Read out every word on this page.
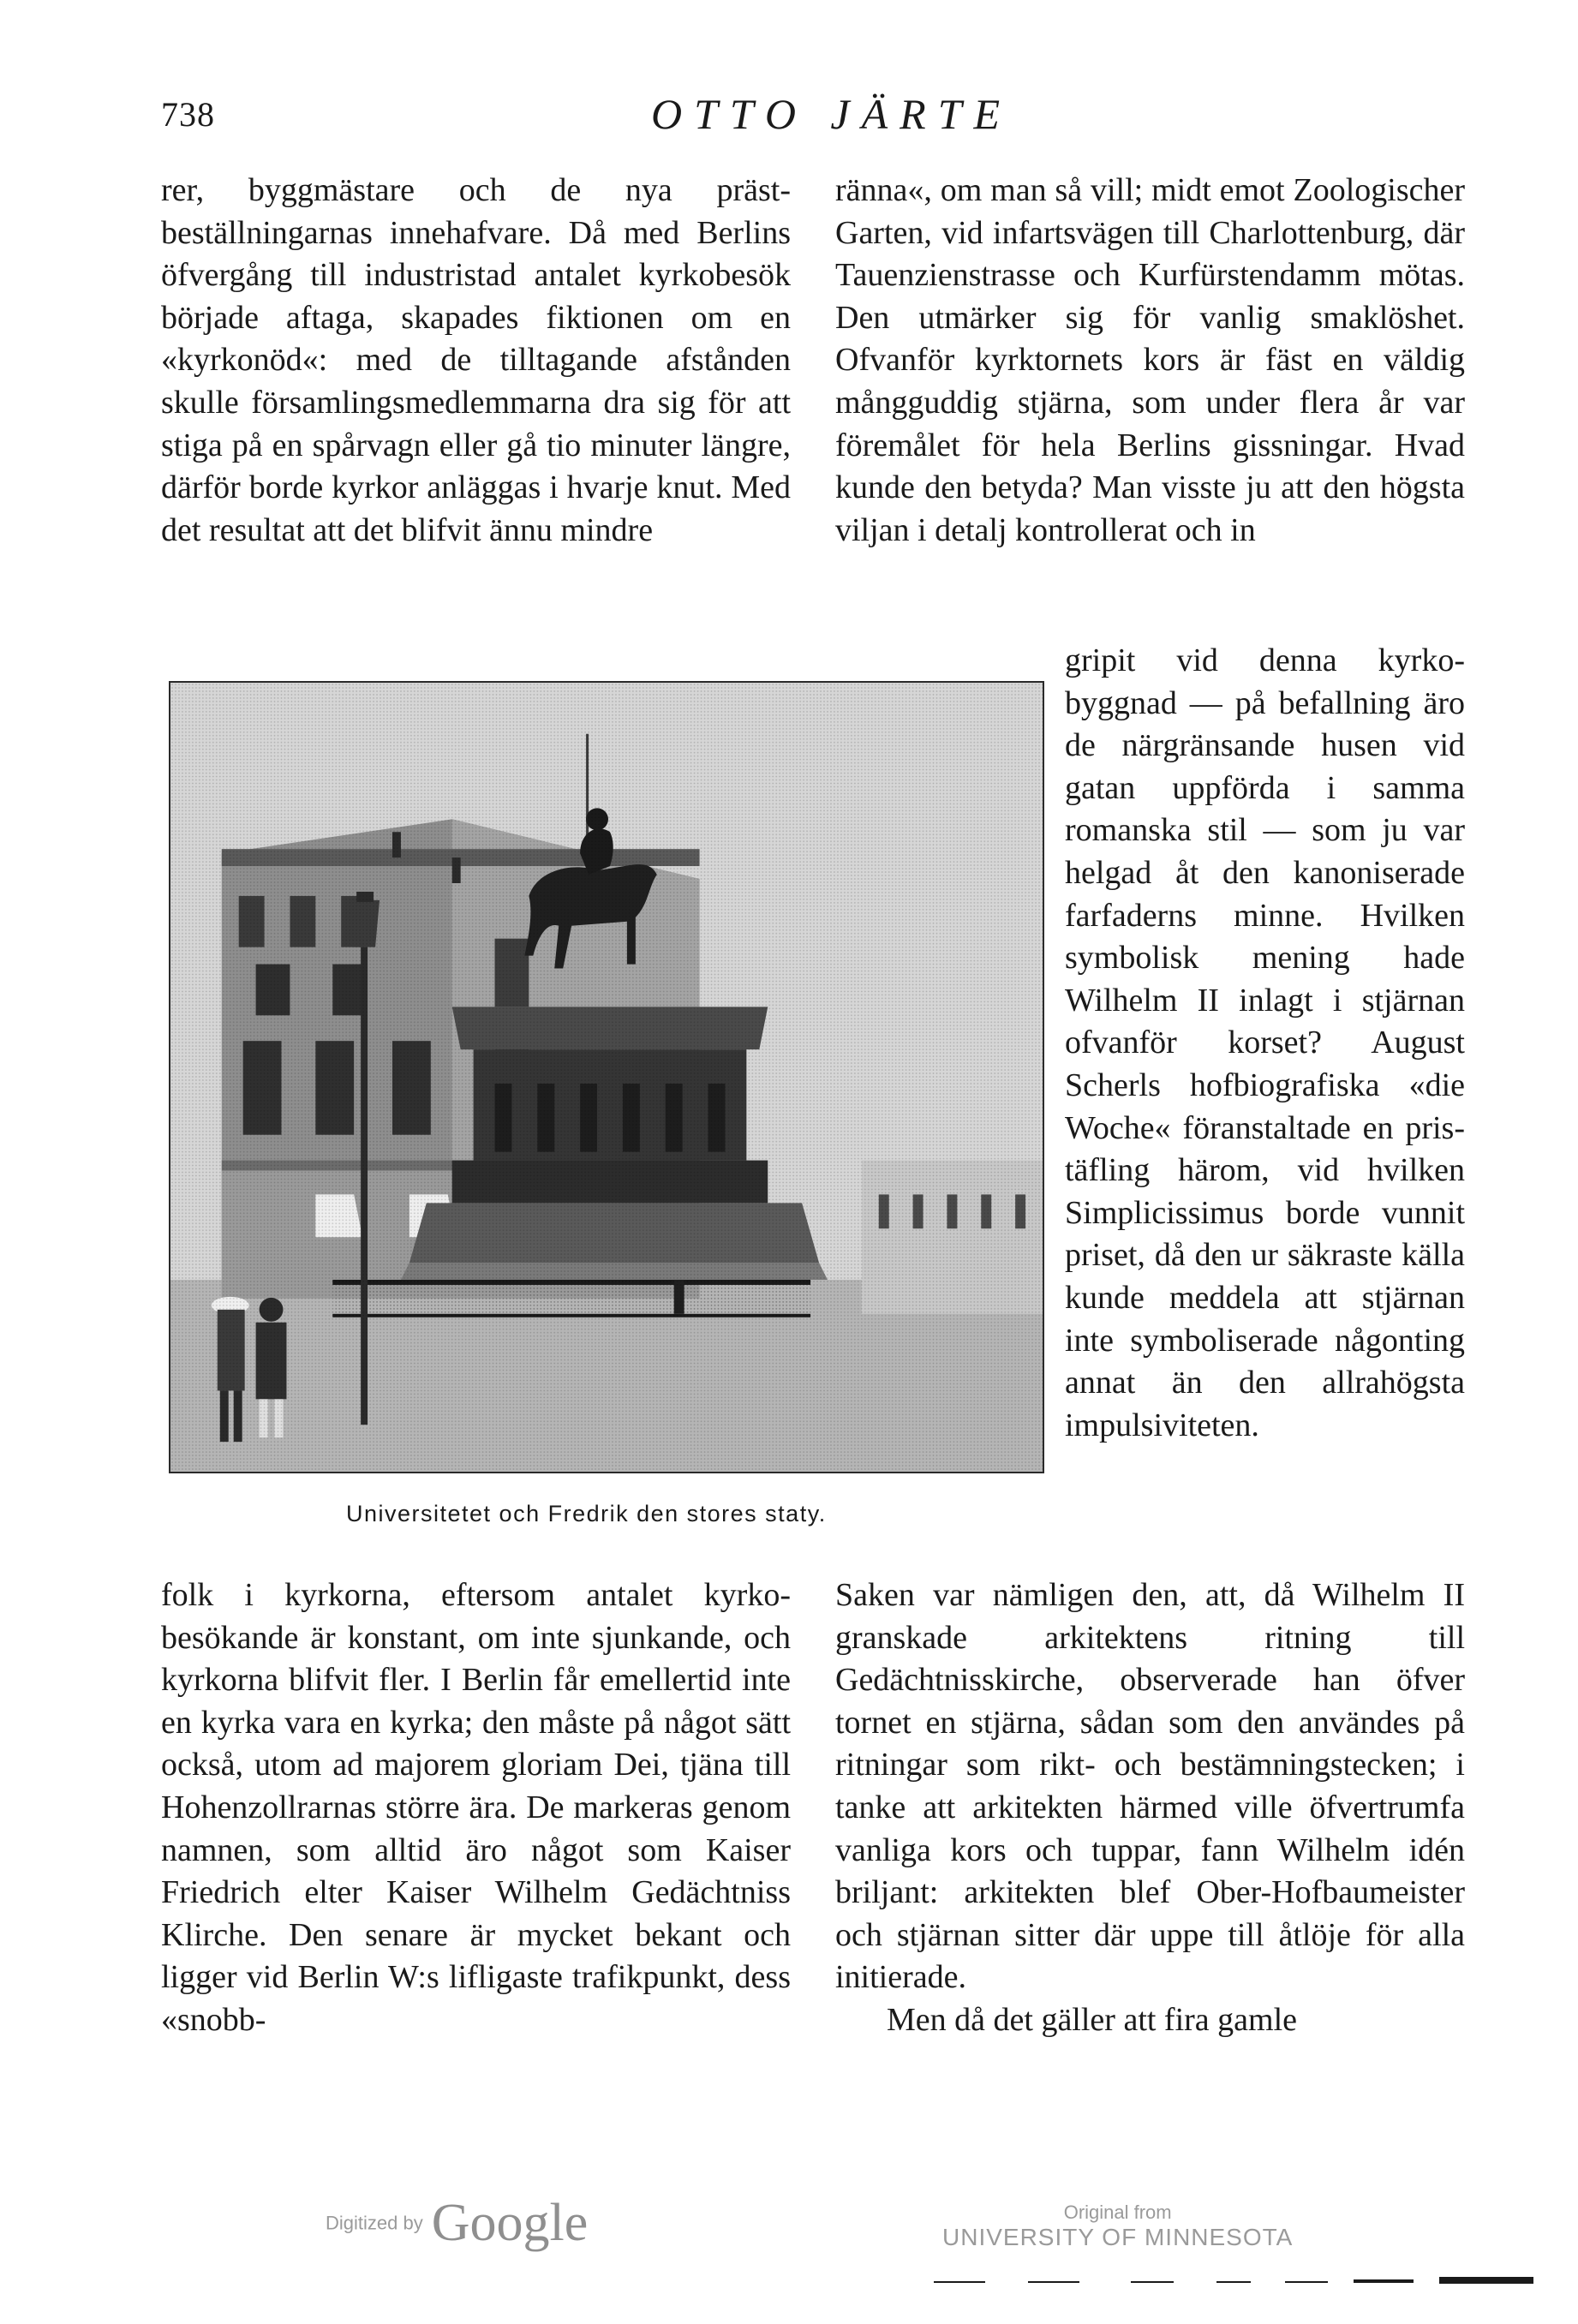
738	OTTO JÄRTE

rer, byggmästare och de nya prästbeställningarnas innehafvare. Då med Berlins öfvergång till industristad antalet kyrkobesök började aftaga, skapades fiktionen om en «kyrkonöd«: med de tilltagande afstånden skulle församlingsmedlemmarna dra sig för att stiga på en spårvagn eller gå tio minuter längre, därför borde kyrkor anläggas i hvarje knut. Med det resultat att det blifvit ännu mindre

ränna«, om man så vill; midt emot Zoologischer Garten, vid infartsvägen till Charlottenburg, där Tauenzienstrasse och Kurfürstendamm mötas. Den utmärker sig för vanlig smaklöshet. Ofvanför kyrktornets kors är fäst en väldig mångguddig stjärna, som under flera år var föremålet för hela Berlins gissningar. Hvad kunde den betyda? Man visste ju att den högsta viljan i detalj kontrollerat och in

gripit vid denna kyrkobyggnad — på befallning äro de närgränsande husen vid gatan uppförda i samma romanska stil — som ju var helgad åt den kanoniserade farfaderns minne. Hvilken symbolisk mening hade Wilhelm II inlagt i stjärnan ofvanför korset? August Scherls hofbiografiska «die Woche« föranstaltade en pristäfling härom, vid hvilken Simplicissimus borde vunnit priset, då den ur säkraste källa kunde meddela att stjärnan inte symboliserade någonting annat än den allrahögsta impulsiviteten.

Universitetet och Fredrik den stores staty.

folk i kyrkorna, eftersom antalet kyrkobesökande är konstant, om inte sjunkande, och kyrkorna blifvit fler. I Berlin får emellertid inte en kyrka vara en kyrka; den måste på något sätt också, utom ad majorem gloriam Dei, tjäna till Hohenzollrarnas större ära. De markeras genom namnen, som alltid äro något som Kaiser Friedrich elter Kaiser Wilhelm Gedächtniss Klirche. Den senare är mycket bekant och ligger vid Berlin W:s lifligaste trafikpunkt, dess «snobb-

Saken var nämligen den, att, då Wilhelm II granskade arkitektens ritning till Gedächtnisskirche, observerade han öfver tornet en stjärna, sådan som den användes på ritningar som rikt- och bestämningstecken; i tanke att arkitekten härmed ville öfvertrumfa vanliga kors och tuppar, fann Wilhelm idén briljant: arkitekten blef Ober-Hofbaumeister och stjärnan sitter där uppe till åtlöje för alla initierade.

Men då det gäller att fira gamle

Digitized by Google	Original from
UNIVERSITY OF MINNESOTA
